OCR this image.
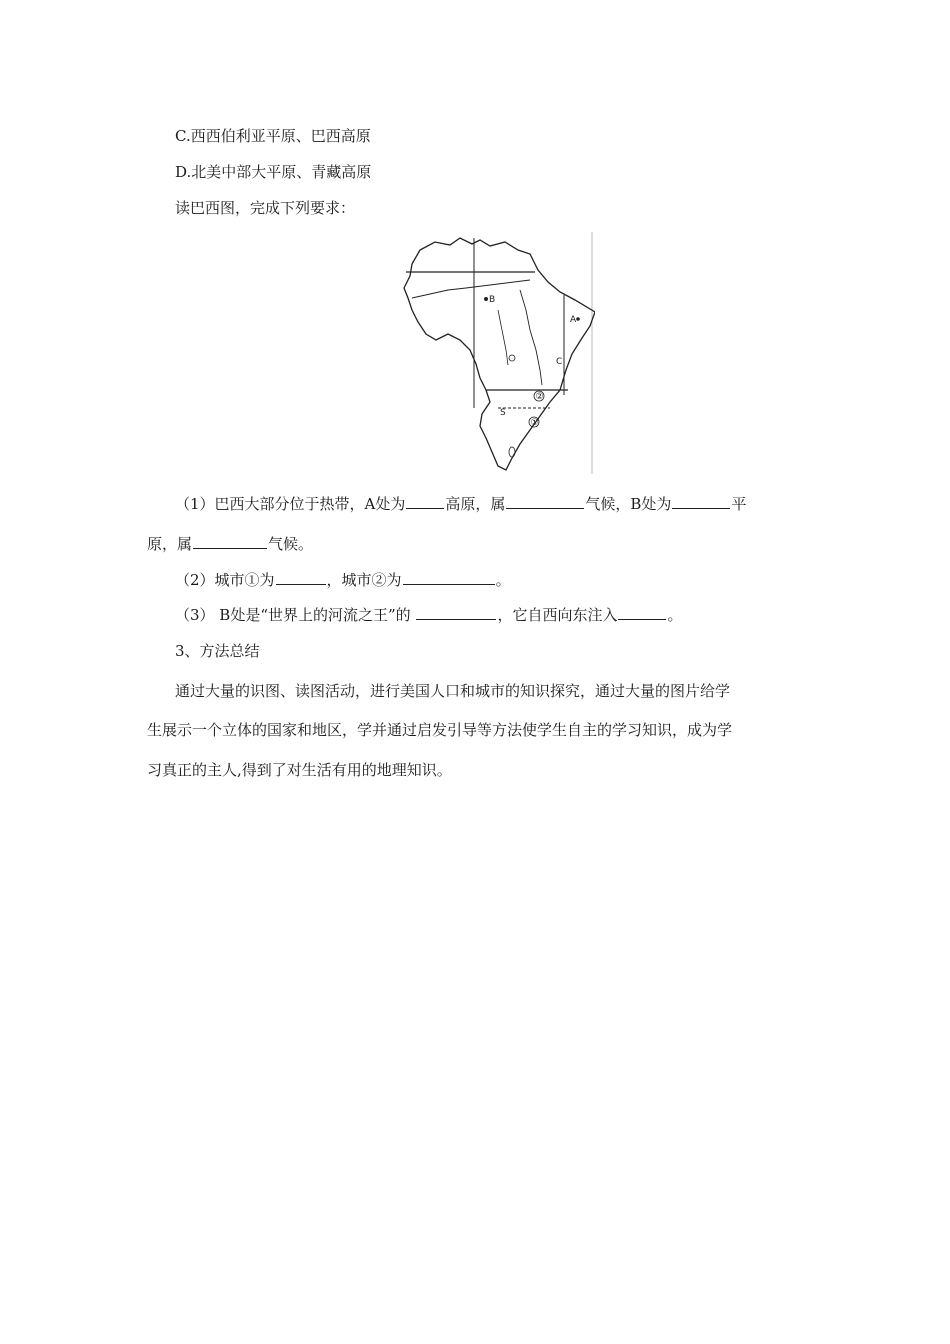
C.西西伯利亚平原、巴西高原
D.北美中部大平原、青藏高原
读巴西图，完成下列要求：
B
A
C
②
①
S
（1）巴西大部分位于热带，A处为	高原，属	气候，B处为	平
原，属	气候。
（2）城市①为	，城市②为	。
（3） B处是“世界上的河流之王”的	，它自西向东注入	。
3、方法总结
通过大量的识图、读图活动，进行美国人口和城市的知识探究，通过大量的图片给学
生展示一个立体的国家和地区，学并通过启发引导等方法使学生自主的学习知识，成为学
习真正的主人,得到了对生活有用的地理知识。
